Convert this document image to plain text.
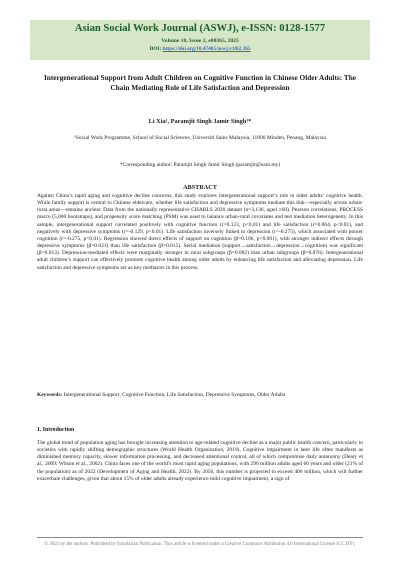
Asian Social Work Journal (ASWJ), e-ISSN: 0128-1577
Volume 10, Issue 2, e00365, 2025
DOI: https://doi.org/10.47405/aswj.v10i2.365
Intergenerational Support from Adult Children on Cognitive Function in Chinese Older Adults: The Chain Mediating Role of Life Satisfaction and Depression
Li Xia¹, Paramjit Singh Jamir Singh¹*
¹Social Work Programme, School of Social Sciences, Universiti Sains Malaysia, 11800 Minden, Penang, Malaysia
*Corresponding author: Paramjit Singh Jamir Singh (paramjit@usm.my)
ABSTRACT
Against China’s rapid aging and cognitive decline concerns, this study explores intergenerational support’s role in older adults’ cognitive health. While family support is central to Chinese eldercare, whether life satisfaction and depressive symptoms mediate this link—especially across urban-rural areas—remains unclear. Data from the nationally representative CHARLS 2020 dataset (n=3,136, aged ≥60). Pearson correlations, PROCESS macro (5,000 bootstraps), and propensity score matching (PSM) was used to balance urban-rural covariates and test mediation heterogeneity. In this sample, intergenerational support correlated positively with cognitive function (r=0.123, p<0.01) and life satisfaction (r=0.064, p<0.01), and negatively with depressive symptoms (r=-0.129, p<0.01). Life satisfaction inversely linked to depression (r=-0.275), which associated with poorer cognition (r=-0.275, p<0.01). Regression showed direct effects of support on cognition (β=0.166, p<0.001), with stronger indirect effects through depressive symptoms (β=0.021) than life satisfaction (β=0.015). Serial mediation (support→satisfaction→depression→cognition) was significant (β=0.013). Depression-mediated effects were marginally stronger in rural subgroups (β=0.082) than urban subgroups (β=0.076). Intergenerational adult children’s support can effectively promote cognitive health among older adults by enhancing life satisfaction and alleviating depression. Life satisfaction and depressive symptoms act as key mediators in this process.
Keywords: Intergenerational Support, Cognitive Function, Life Satisfaction, Depressive Symptoms, Older Adults
1. Introduction
The global trend of population aging has brought increasing attention to age-related cognitive decline as a major public health concern, particularly in societies with rapidly shifting demographic structures (World Health Organization, 2019). Cognitive impairment in later life often manifests as diminished memory capacity, slower information processing, and decreased attentional control, all of which compromise daily autonomy (Deary et al., 2009; Wilson et al., 2002). China faces one of the world’s most rapid aging populations, with 296 million adults aged 60 years and older (21% of the population) as of 2022 (Development of Aging and Health, 2022). By 2050, this number is projected to exceed 400 million, which will further exacerbate challenges, given that about 15% of older adults already experience mild cognitive impairment, a sign of
© 2025 by the authors. Published by Scholarian Publication. This article is licensed under a Creative Commons Attribution 4.0 International License (CC BY).
